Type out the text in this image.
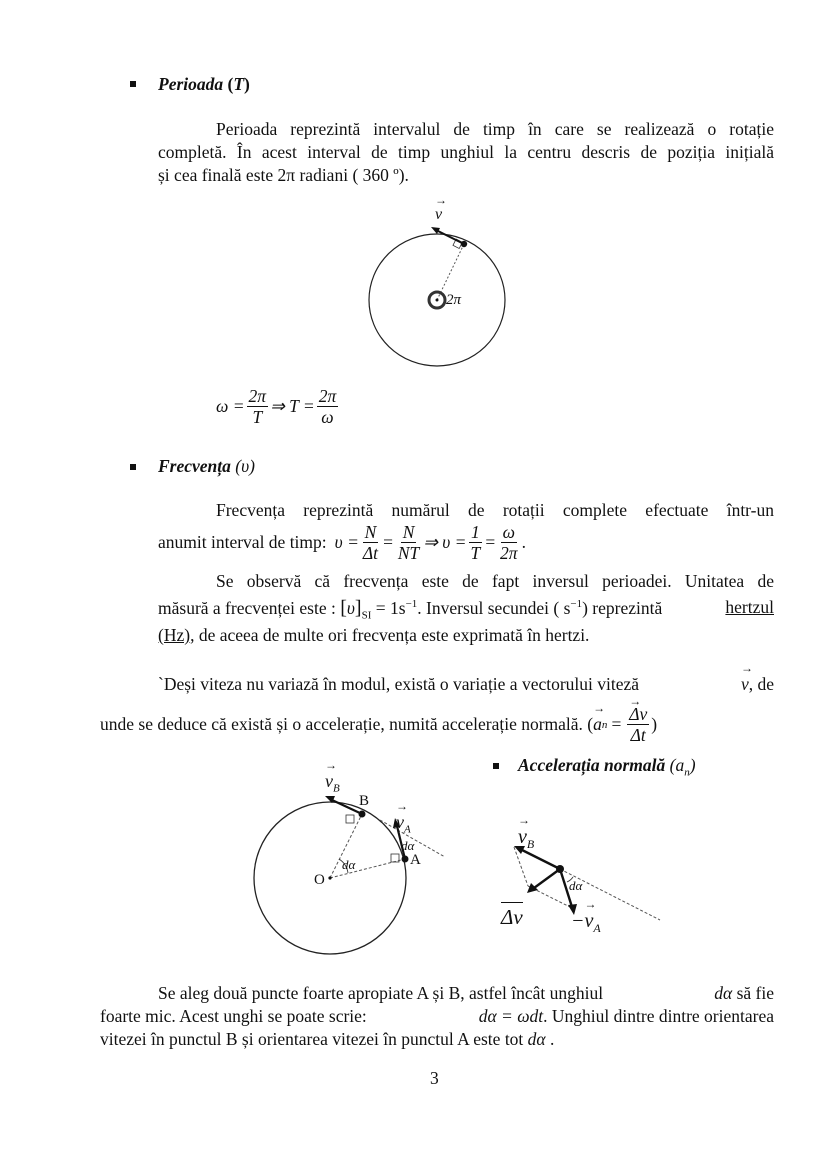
Perioada (T)
Perioada reprezintă intervalul de timp în care se realizează o rotație
completă. În acest interval de timp unghiul la centru descris de poziția inițială
și cea finală este 2π radiani ( 360 º).
→ v
2π
$\omega = \frac{2\pi}{T}$ ⇒ $T = \frac{2\pi}{\omega}$
Frecvența (υ)
Frecvența reprezintă numărul de rotații complete efectuate într-un
anumit interval de timp: $\upsilon = \frac{N}{\Delta t} = \frac{N}{NT}$ ⇒ $\upsilon = \frac{1}{T} = \frac{\omega}{2\pi}$ .
Se observă că frecvența este de fapt inversul perioadei. Unitatea de
măsură a frecvenței este : $[\upsilon]_{SI} = 1s^{-1}$. Inversul secundei ( $s^{-1}$) reprezintă	hertzul
(Hz), de aceea de multe ori frecvența este exprimată în hertzi.
`Deși viteza nu variază în modul, există o variație a vectorului viteză	→ v, de
unde se deduce că există și o accelerație, numită accelerație normală. ( → a n = → $\frac{\Delta v}{\Delta t}$ )
Accelerația normală $(a_n)$
→ $v_B$
B
→ $v_A$
dα
A
O
dα
→ $v_B$
dα
$\Delta v -\to v_A$
Se aleg două puncte foarte apropiate A și B, astfel încât unghiul	dα să fie
foarte mic. Acest unghi se poate scrie:	dα = ωdt. Unghiul dintre dintre orientarea
vitezei în punctul B și orientarea vitezei în punctul A este tot dα .
3
